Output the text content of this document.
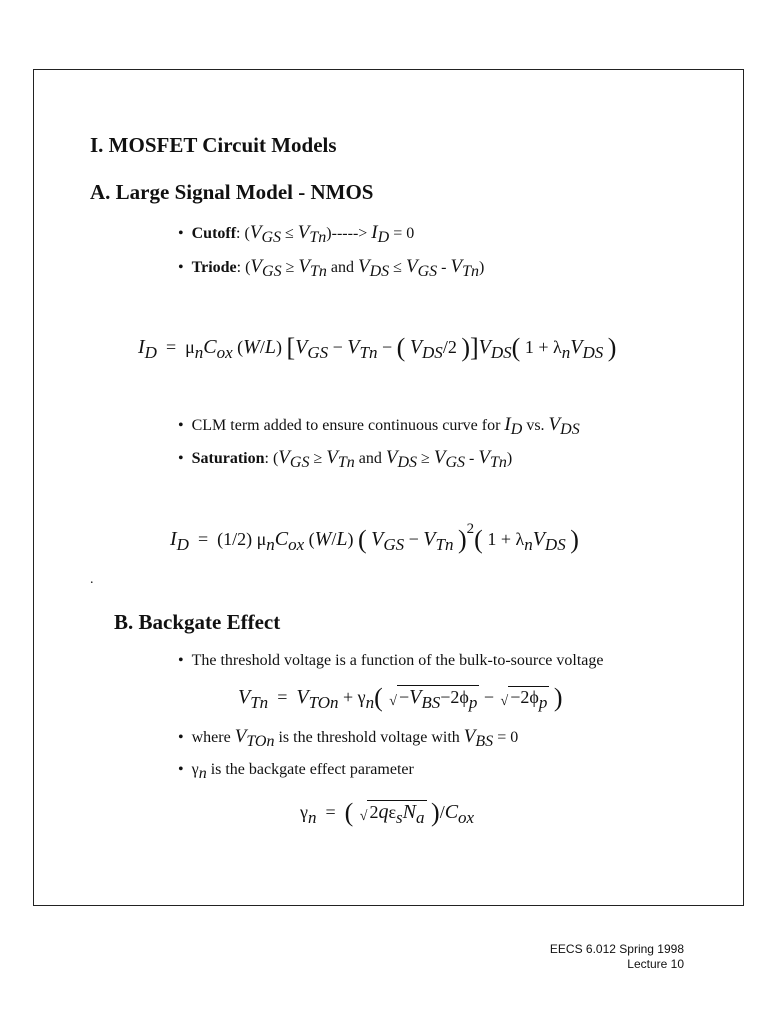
I. MOSFET Circuit Models
A. Large Signal Model - NMOS
• Cutoff: (VGS ≤ VTn)-----> ID = 0
• Triode: (VGS ≥ VTn and VDS ≤ VGS - VTn)
ID  =  μnCox (W/L) [VGS − VTn − ( VDS/2 )]VDS( 1 + λnVDS )
• CLM term added to ensure continuous curve for ID vs. VDS
• Saturation: (VGS ≥ VTn and VDS ≥ VGS - VTn)
ID  =  (1/2) μnCox (W/L) ( VGS − VTn )$^2$( 1 + λnVDS )
.
B. Backgate Effect
• The threshold voltage is a function of the bulk-to-source voltage
VTn  =  VTOn + γn( √ −VBS−2ϕp − √ −2ϕp )
• where VTOn is the threshold voltage with VBS = 0
• γn is the backgate effect parameter
γn  =  ( √ 2qεsNa )/Cox
EECS 6.012 Spring 1998
Lecture 10
